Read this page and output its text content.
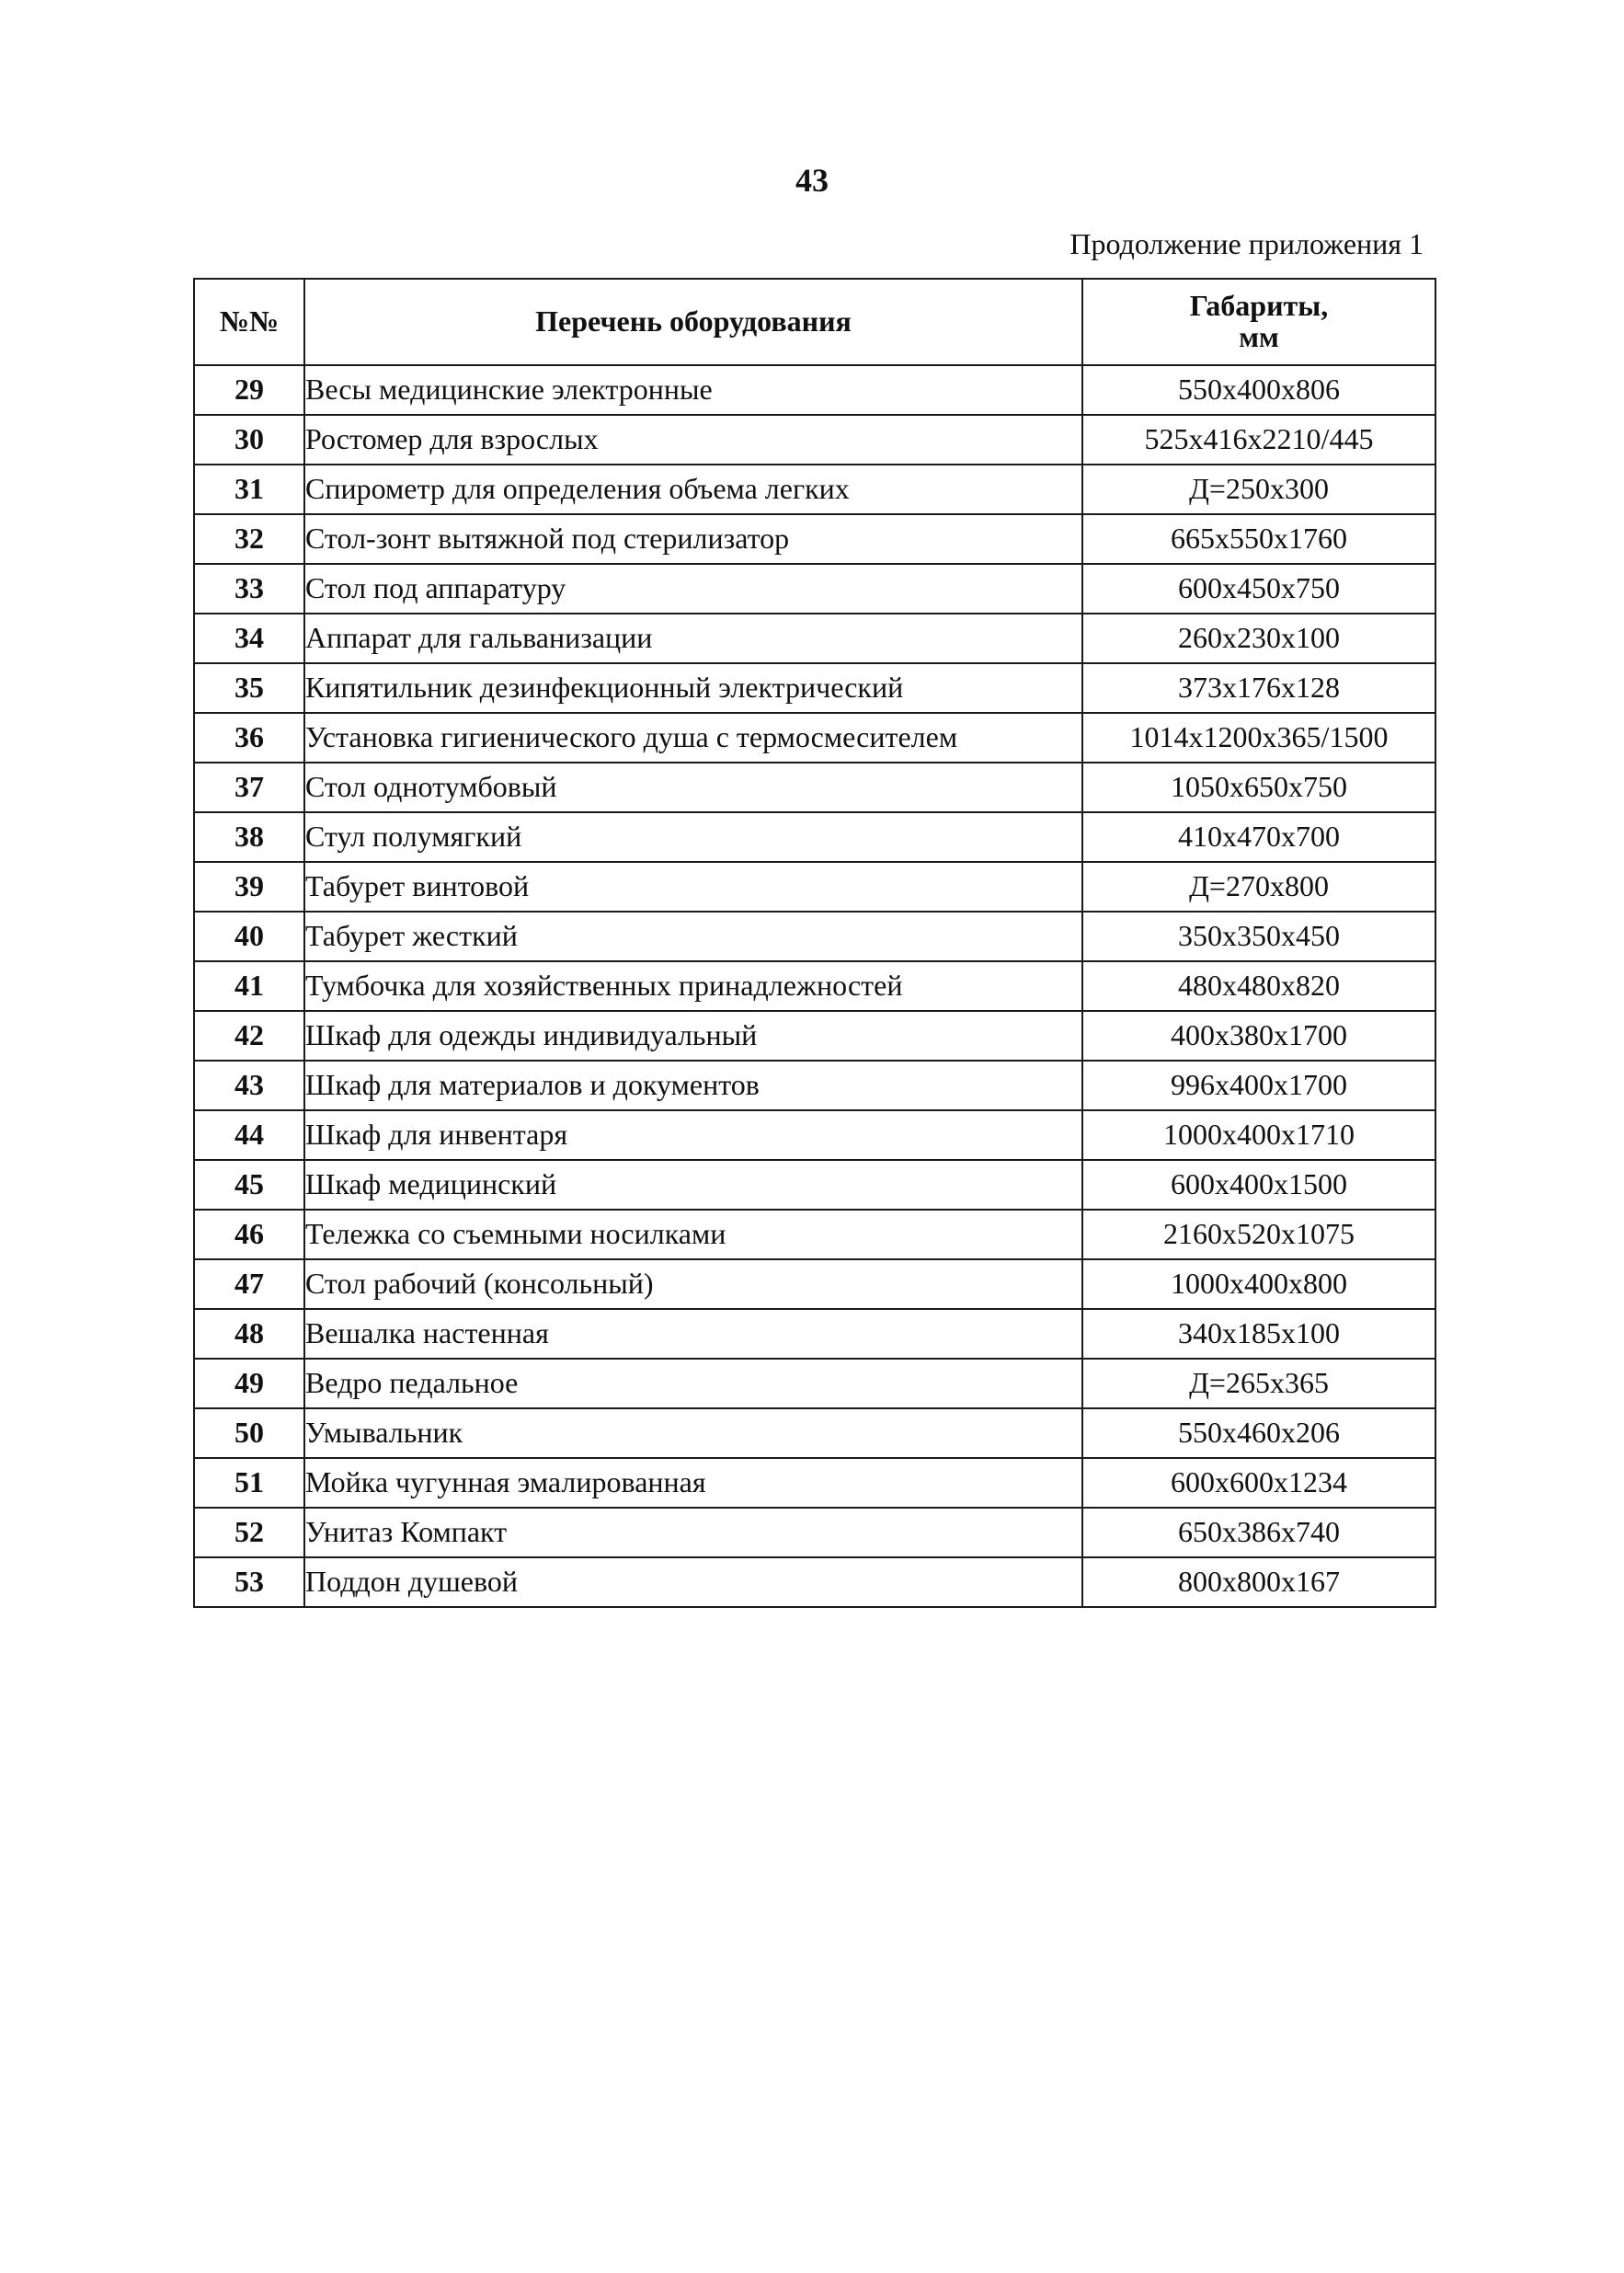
43
Продолжение приложения 1
№№	Перечень оборудования	Габариты,
мм

29	Весы медицинские электронные	550х400х806
30	Ростомер для взрослых	525х416х2210/445
31	Спирометр для определения объема легких	Д=250х300
32	Стол-зонт вытяжной под стерилизатор	665х550х1760
33	Стол под аппаратуру	600х450х750
34	Аппарат для гальванизации	260х230х100
35	Кипятильник дезинфекционный электрический	373х176х128
36	Установка гигиенического душа с термосмесителем	1014х1200х365/1500
37	Стол однотумбовый	1050х650х750
38	Стул полумягкий	410х470х700
39	Табурет винтовой	Д=270х800
40	Табурет жесткий	350х350х450
41	Тумбочка для хозяйственных принадлежностей	480х480х820
42	Шкаф для одежды индивидуальный	400х380х1700
43	Шкаф для материалов и документов	996х400х1700
44	Шкаф для инвентаря	1000х400х1710
45	Шкаф медицинский	600х400х1500
46	Тележка со съемными носилками	2160х520х1075
47	Стол рабочий (консольный)	1000х400х800
48	Вешалка настенная	340х185х100
49	Ведро педальное	Д=265х365
50	Умывальник	550х460х206
51	Мойка чугунная эмалированная	600х600х1234
52	Унитаз Компакт	650х386х740
53	Поддон душевой	800х800х167
